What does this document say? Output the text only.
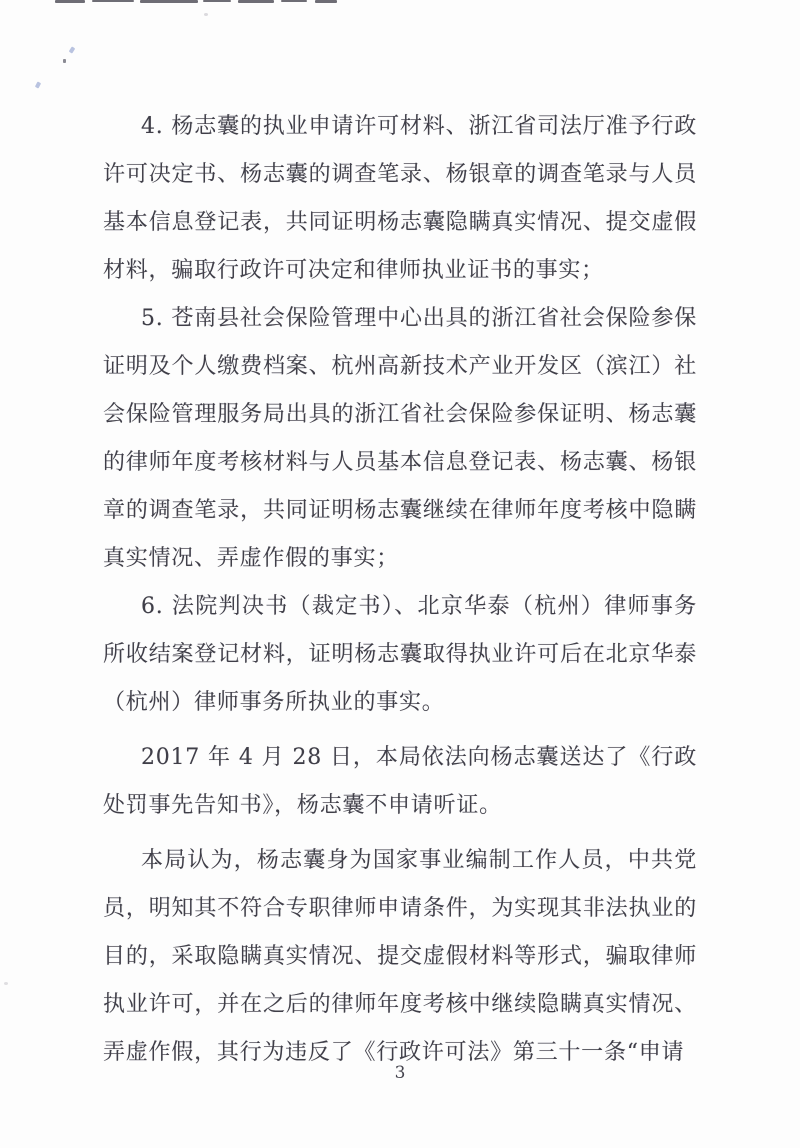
4. 杨志囊的执业申请许可材料、浙江省司法厅准予行政许可决定书、杨志囊的调查笔录、杨银章的调查笔录与人员基本信息登记表，共同证明杨志囊隐瞒真实情况、提交虚假材料，骗取行政许可决定和律师执业证书的事实；

5. 苍南县社会保险管理中心出具的浙江省社会保险参保证明及个人缴费档案、杭州高新技术产业开发区（滨江）社会保险管理服务局出具的浙江省社会保险参保证明、杨志囊的律师年度考核材料与人员基本信息登记表、杨志囊、杨银章的调查笔录，共同证明杨志囊继续在律师年度考核中隐瞒真实情况、弄虚作假的事实；

6. 法院判决书（裁定书）、北京华泰（杭州）律师事务所收结案登记材料，证明杨志囊取得执业许可后在北京华泰（杭州）律师事务所执业的事实。

2017 年 4 月 28 日，本局依法向杨志囊送达了《行政处罚事先告知书》，杨志囊不申请听证。

本局认为，杨志囊身为国家事业编制工作人员，中共党员，明知其不符合专职律师申请条件，为实现其非法执业的目的，采取隐瞒真实情况、提交虚假材料等形式，骗取律师执业许可，并在之后的律师年度考核中继续隐瞒真实情况、弄虚作假，其行为违反了《行政许可法》第三十一条“申请

3
